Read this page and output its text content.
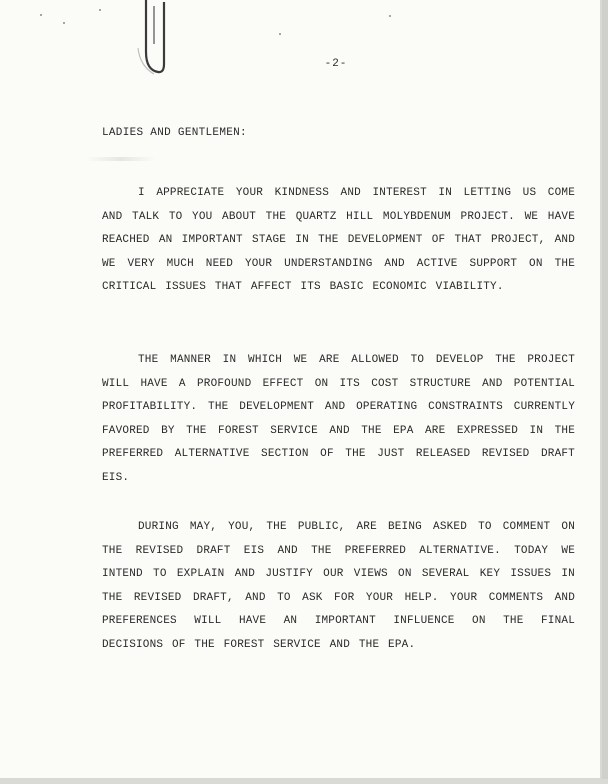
-2-
LADIES AND GENTLEMEN:
I APPRECIATE YOUR KINDNESS AND INTEREST IN LETTING US COME AND TALK TO YOU ABOUT THE QUARTZ HILL MOLYBDENUM PROJECT. WE HAVE REACHED AN IMPORTANT STAGE IN THE DEVELOPMENT OF THAT PROJECT, AND WE VERY MUCH NEED YOUR UNDERSTANDING AND ACTIVE SUPPORT ON THE CRITICAL ISSUES THAT AFFECT ITS BASIC ECONOMIC VIABILITY.
THE MANNER IN WHICH WE ARE ALLOWED TO DEVELOP THE PROJECT WILL HAVE A PROFOUND EFFECT ON ITS COST STRUCTURE AND POTENTIAL PROFITABILITY. THE DEVELOPMENT AND OPERATING CONSTRAINTS CURRENTLY FAVORED BY THE FOREST SERVICE AND THE EPA ARE EXPRESSED IN THE PREFERRED ALTERNATIVE SECTION OF THE JUST RELEASED REVISED DRAFT EIS.
DURING MAY, YOU, THE PUBLIC, ARE BEING ASKED TO COMMENT ON THE REVISED DRAFT EIS AND THE PREFERRED ALTERNATIVE. TODAY WE INTEND TO EXPLAIN AND JUSTIFY OUR VIEWS ON SEVERAL KEY ISSUES IN THE REVISED DRAFT, AND TO ASK FOR YOUR HELP. YOUR COMMENTS AND PREFERENCES WILL HAVE AN IMPORTANT INFLUENCE ON THE FINAL DECISIONS OF THE FOREST SERVICE AND THE EPA.
